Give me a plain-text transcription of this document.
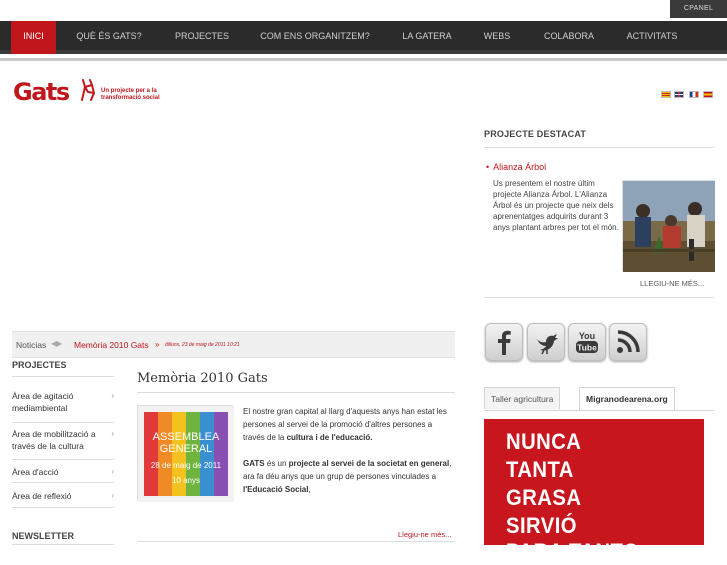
CPANEL
INICI	QUÈ ÉS GATS?	PROJECTES	COM ENS ORGANITZEM?	LA GATERA	WEBS	COLABORA	ACTIVITATS
Gats	Un projecte per a la
transformació social
PROJECTE DESTACAT
• Alianza Árbol
Us presentem el nostre últim projecte Alianza Árbol. L'Alianza Árbol és un projecte que neix dels aprenentatges adquirits durant 3 anys plantant arbres per tot el món.
LLEGIU-NE MÉS...
You
Tube
Taller agricultura	Migranodearena.org
NUNCA
TANTA
GRASA
SIRVIÓ
PARA TANTO
Noticias ◀▶ Memòria 2010 Gats » dilluns, 23 de maig de 2011 10:21
PROJECTES
Àrea de agitació
mediambiental
›
Àrea de mobilització a
través de la cultura
›
Àrea d'acció	›
Àrea de reflexió	›
NEWSLETTER
Memòria 2010 Gats
ASSEMBLEA
GENERAL
28 de maig de 2011
10 anys

El nostre gran capital al llarg d'aquests anys han estat les persones al servei de la promoció d'altres persones a través de la cultura i de l'educació.

GATS és un projecte al servei de la societat en general, ara fa déu anys que un grup de persones vinculades a l'Educació Social,

Llegiu-ne més...
